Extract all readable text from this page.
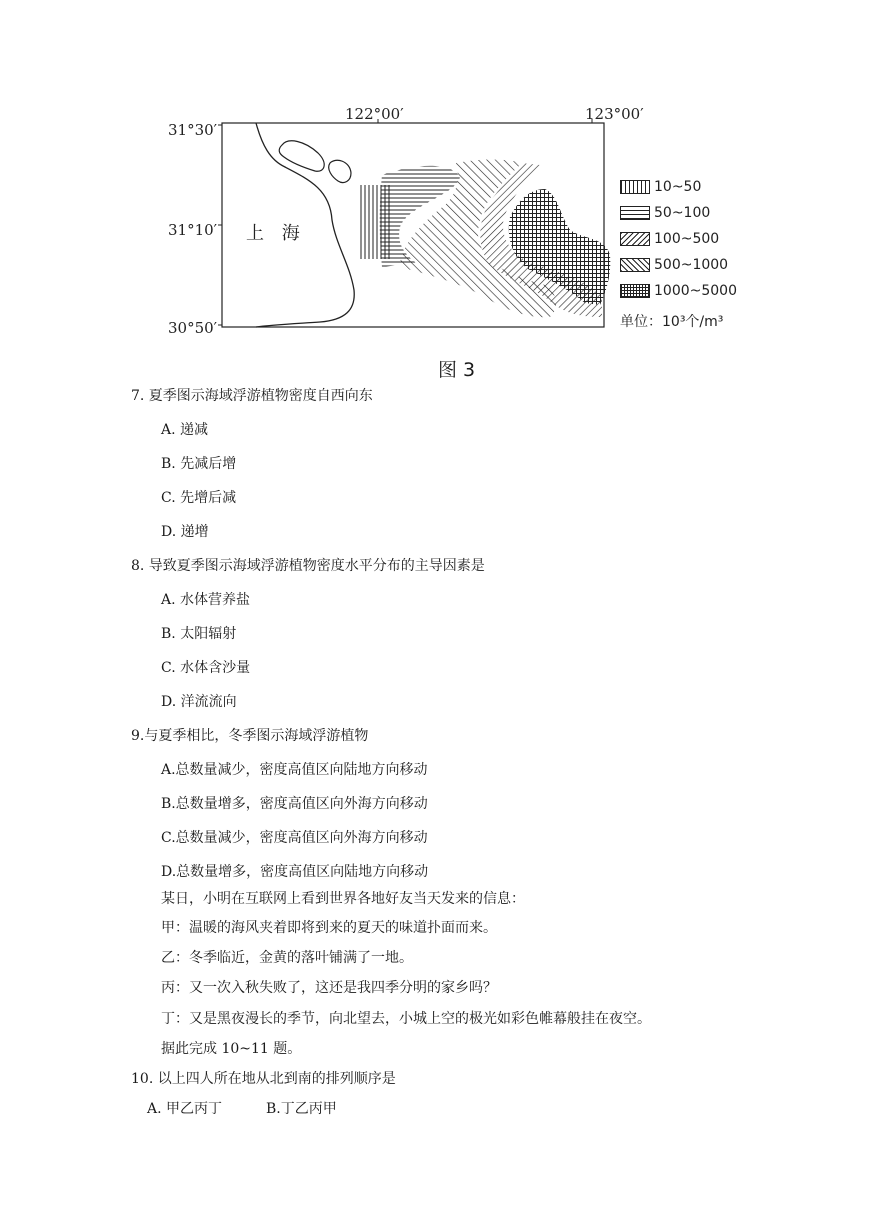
122°00′	123°00′
31°30′
31°10′
30°50′
上 海
10~50
50~100
100~500
500~1000
1000~5000
单位：10³个/m³
图 3
7. 夏季图示海域浮游植物密度自西向东
A. 递减
B. 先减后增
C. 先增后减
D. 递增
8. 导致夏季图示海域浮游植物密度水平分布的主导因素是
A. 水体营养盐
B. 太阳辐射
C. 水体含沙量
D. 洋流流向
9.与夏季相比，冬季图示海域浮游植物
A.总数量减少，密度高值区向陆地方向移动
B.总数量增多，密度高值区向外海方向移动
C.总数量减少，密度高值区向外海方向移动
D.总数量增多，密度高值区向陆地方向移动
某日，小明在互联网上看到世界各地好友当天发来的信息：
甲：温暖的海风夹着即将到来的夏天的味道扑面而来。
乙：冬季临近，金黄的落叶铺满了一地。
丙：又一次入秋失败了，这还是我四季分明的家乡吗？
丁：又是黑夜漫长的季节，向北望去，小城上空的极光如彩色帷幕般挂在夜空。
据此完成 10~11 题。
10. 以上四人所在地从北到南的排列顺序是
A. 甲乙丙丁	B.丁乙丙甲
